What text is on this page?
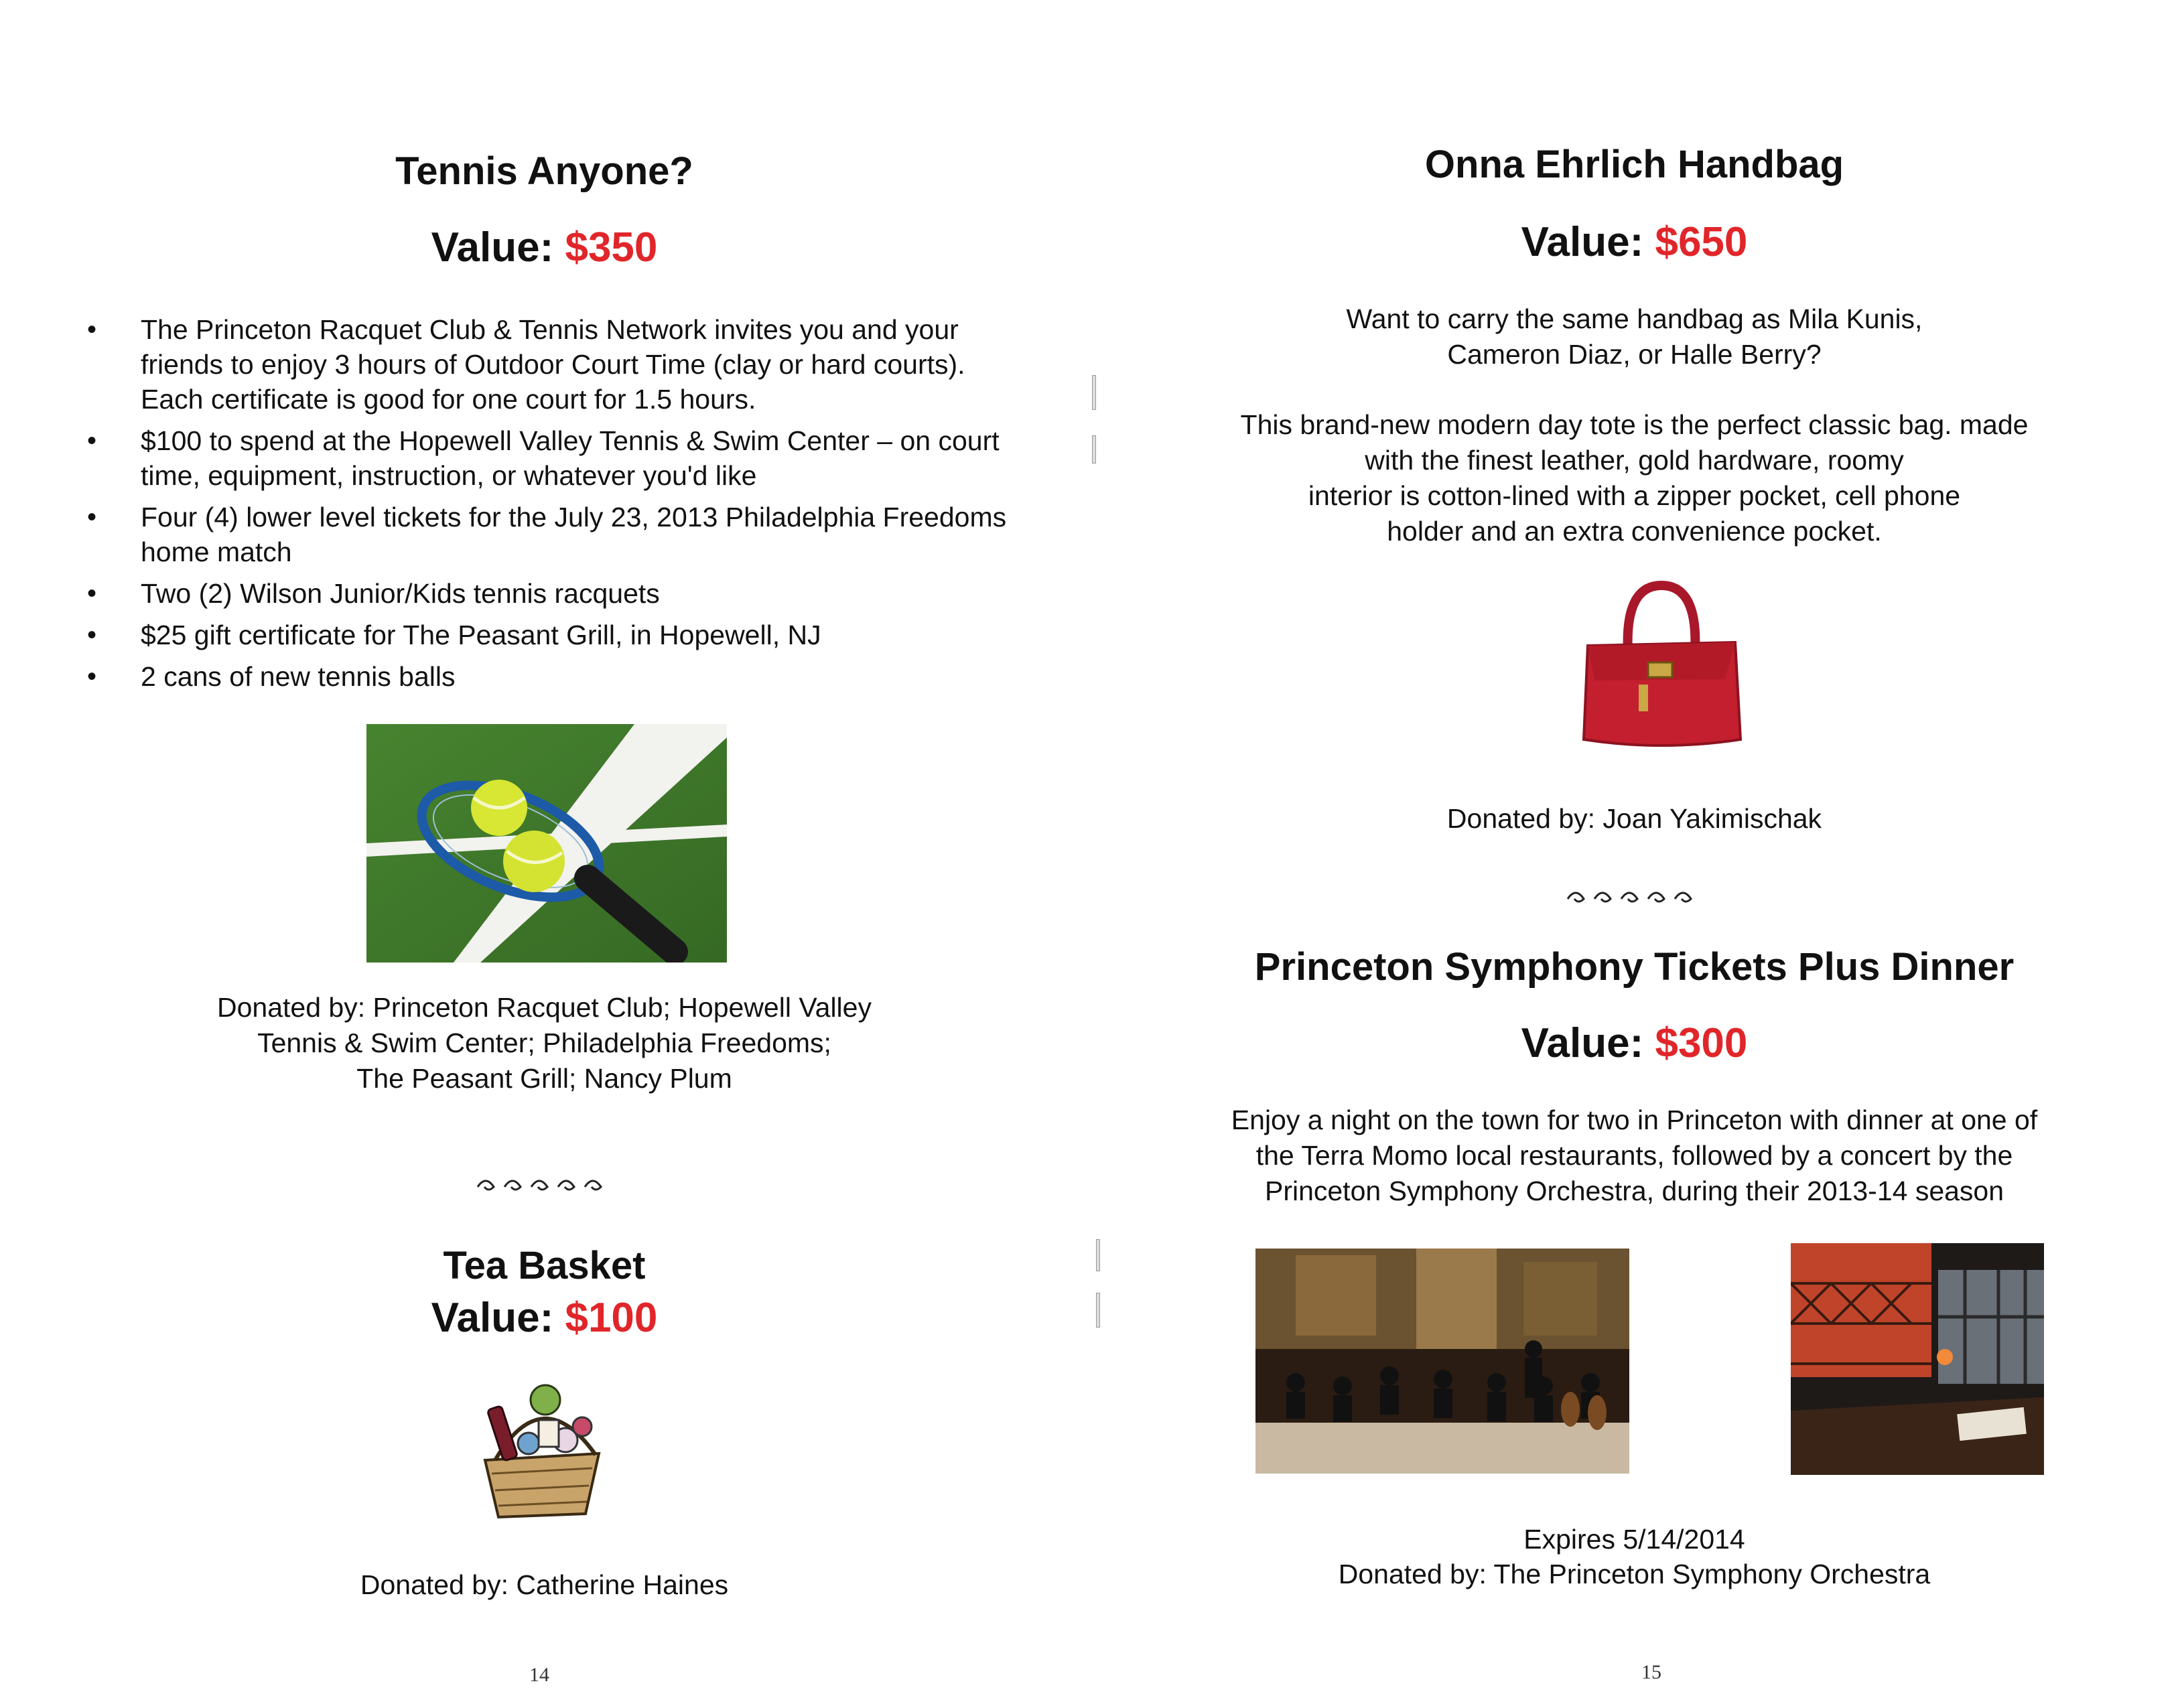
Tennis Anyone?
Value: $350
• The Princeton Racquet Club & Tennis Network invites you and your friends to enjoy 3 hours of Outdoor Court Time (clay or hard courts). Each certificate is good for one court for 1.5 hours.
• $100 to spend at the Hopewell Valley Tennis & Swim Center – on court time, equipment, instruction, or whatever you'd like
• Four (4) lower level tickets for the July 23, 2013 Philadelphia Freedoms home match
• Two (2) Wilson Junior/Kids tennis racquets
• $25 gift certificate for The Peasant Grill, in Hopewell, NJ
• 2 cans of new tennis balls
Donated by: Princeton Racquet Club; Hopewell Valley
Tennis & Swim Center; Philadelphia Freedoms;
The Peasant Grill; Nancy Plum
Tea Basket
Value: $100
Donated by: Catherine Haines
14
Onna Ehrlich Handbag
Value: $650
Want to carry the same handbag as Mila Kunis,
Cameron Diaz, or Halle Berry?
This brand-new modern day tote is the perfect classic bag. made
with the finest leather, gold hardware, roomy
interior is cotton-lined with a zipper pocket, cell phone
holder and an extra convenience pocket.
Donated by: Joan Yakimischak
Princeton Symphony Tickets Plus Dinner
Value: $300
Enjoy a night on the town for two in Princeton with dinner at one of
the Terra Momo local restaurants, followed by a concert by the
Princeton Symphony Orchestra, during their 2013-14 season
Expires 5/14/2014
Donated by: The Princeton Symphony Orchestra
15
